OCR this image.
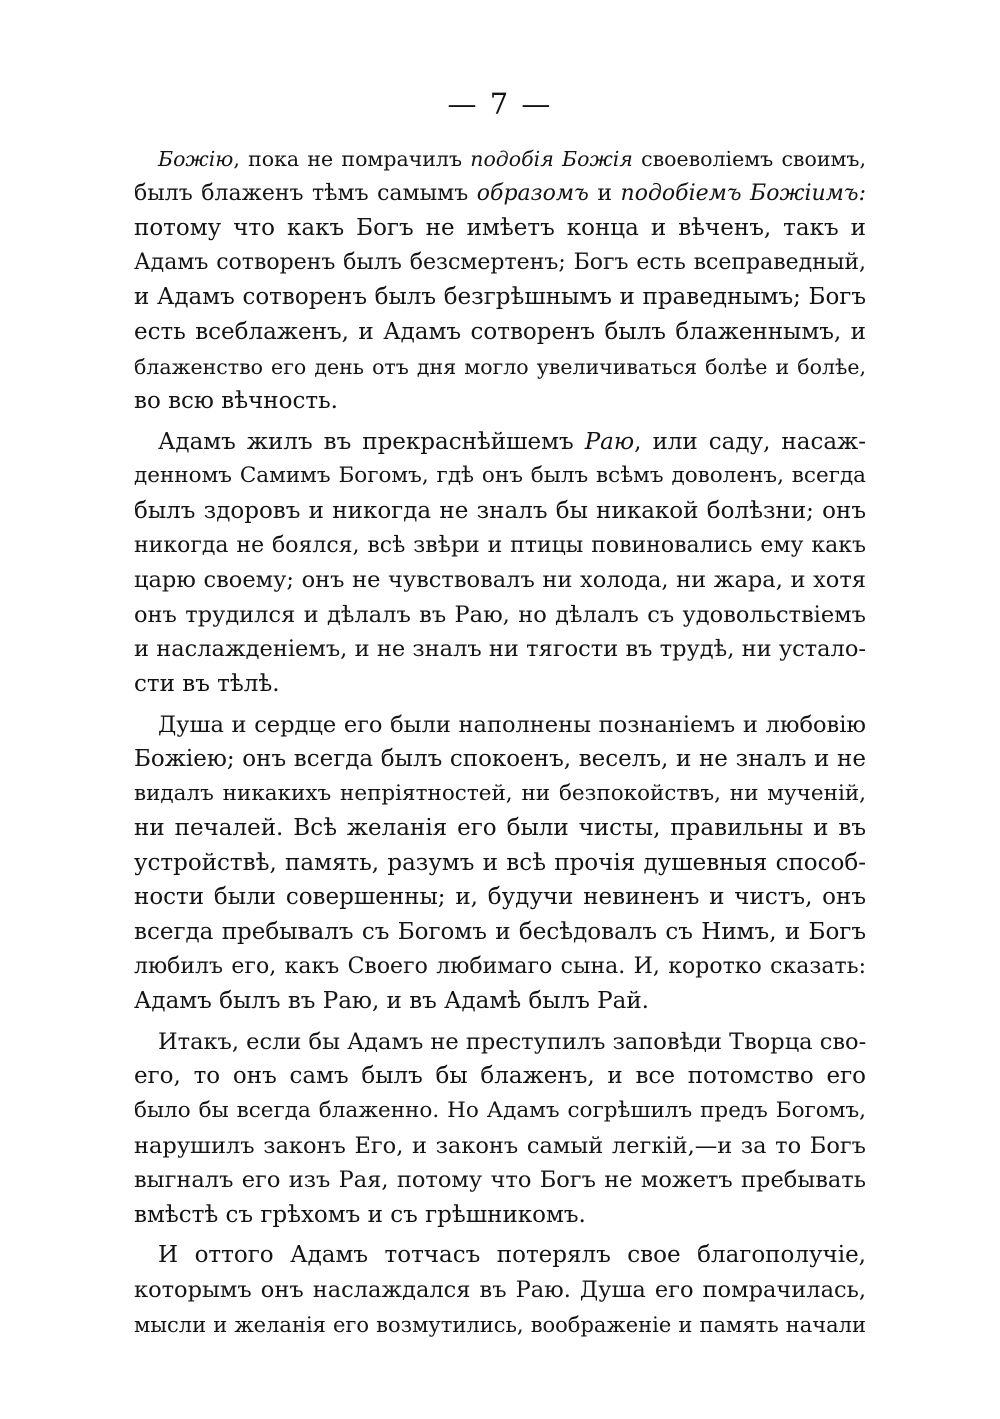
— 7 —
Божію, пока не помрачилъ подобія Божія своеволіемъ своимъ,
былъ блаженъ тѣмъ самымъ образомъ и подобіемъ Божіимъ:
потому что какъ Богъ не имѣетъ конца и вѣченъ, такъ и
Адамъ сотворенъ былъ безсмертенъ; Богъ есть всеправедный,
и Адамъ сотворенъ былъ безгрѣшнымъ и праведнымъ; Богъ
есть всеблаженъ, и Адамъ сотворенъ былъ блаженнымъ, и
блаженство его день отъ дня могло увеличиваться болѣе и болѣе,
во всю вѣчность.
Адамъ жилъ въ прекраснѣйшемъ Раю, или саду, насаж-
денномъ Самимъ Богомъ, гдѣ онъ былъ всѣмъ доволенъ, всегда
былъ здоровъ и никогда не зналъ бы никакой болѣзни; онъ
никогда не боялся, всѣ звѣри и птицы повиновались ему какъ
царю своему; онъ не чувствовалъ ни холода, ни жара, и хотя
онъ трудился и дѣлалъ въ Раю, но дѣлалъ съ удовольствіемъ
и наслажденіемъ, и не зналъ ни тягости въ трудѣ, ни устало-
сти въ тѣлѣ.
Душа и сердце его были наполнены познаніемъ и любовію
Божіею; онъ всегда былъ спокоенъ, веселъ, и не зналъ и не
видалъ никакихъ непріятностей, ни безпокойствъ, ни мученій,
ни печалей. Всѣ желанія его были чисты, правильны и въ
устройствѣ, память, разумъ и всѣ прочія душевныя способ-
ности были совершенны; и, будучи невиненъ и чистъ, онъ
всегда пребывалъ съ Богомъ и бесѣдовалъ съ Нимъ, и Богъ
любилъ его, какъ Своего любимаго сына. И, коротко сказать:
Адамъ былъ въ Раю, и въ Адамѣ былъ Рай.
Итакъ, если бы Адамъ не преступилъ заповѣди Творца сво-
его, то онъ самъ былъ бы блаженъ, и все потомство его
было бы всегда блаженно. Но Адамъ согрѣшилъ предъ Богомъ,
нарушилъ законъ Его, и законъ самый легкій,—и за то Богъ
выгналъ его изъ Рая, потому что Богъ не можетъ пребывать
вмѣстѣ съ грѣхомъ и съ грѣшникомъ.
И оттого Адамъ тотчасъ потерялъ свое благополучіе,
которымъ онъ наслаждался въ Раю. Душа его помрачилась,
мысли и желанія его возмутились, воображеніе и память начали
